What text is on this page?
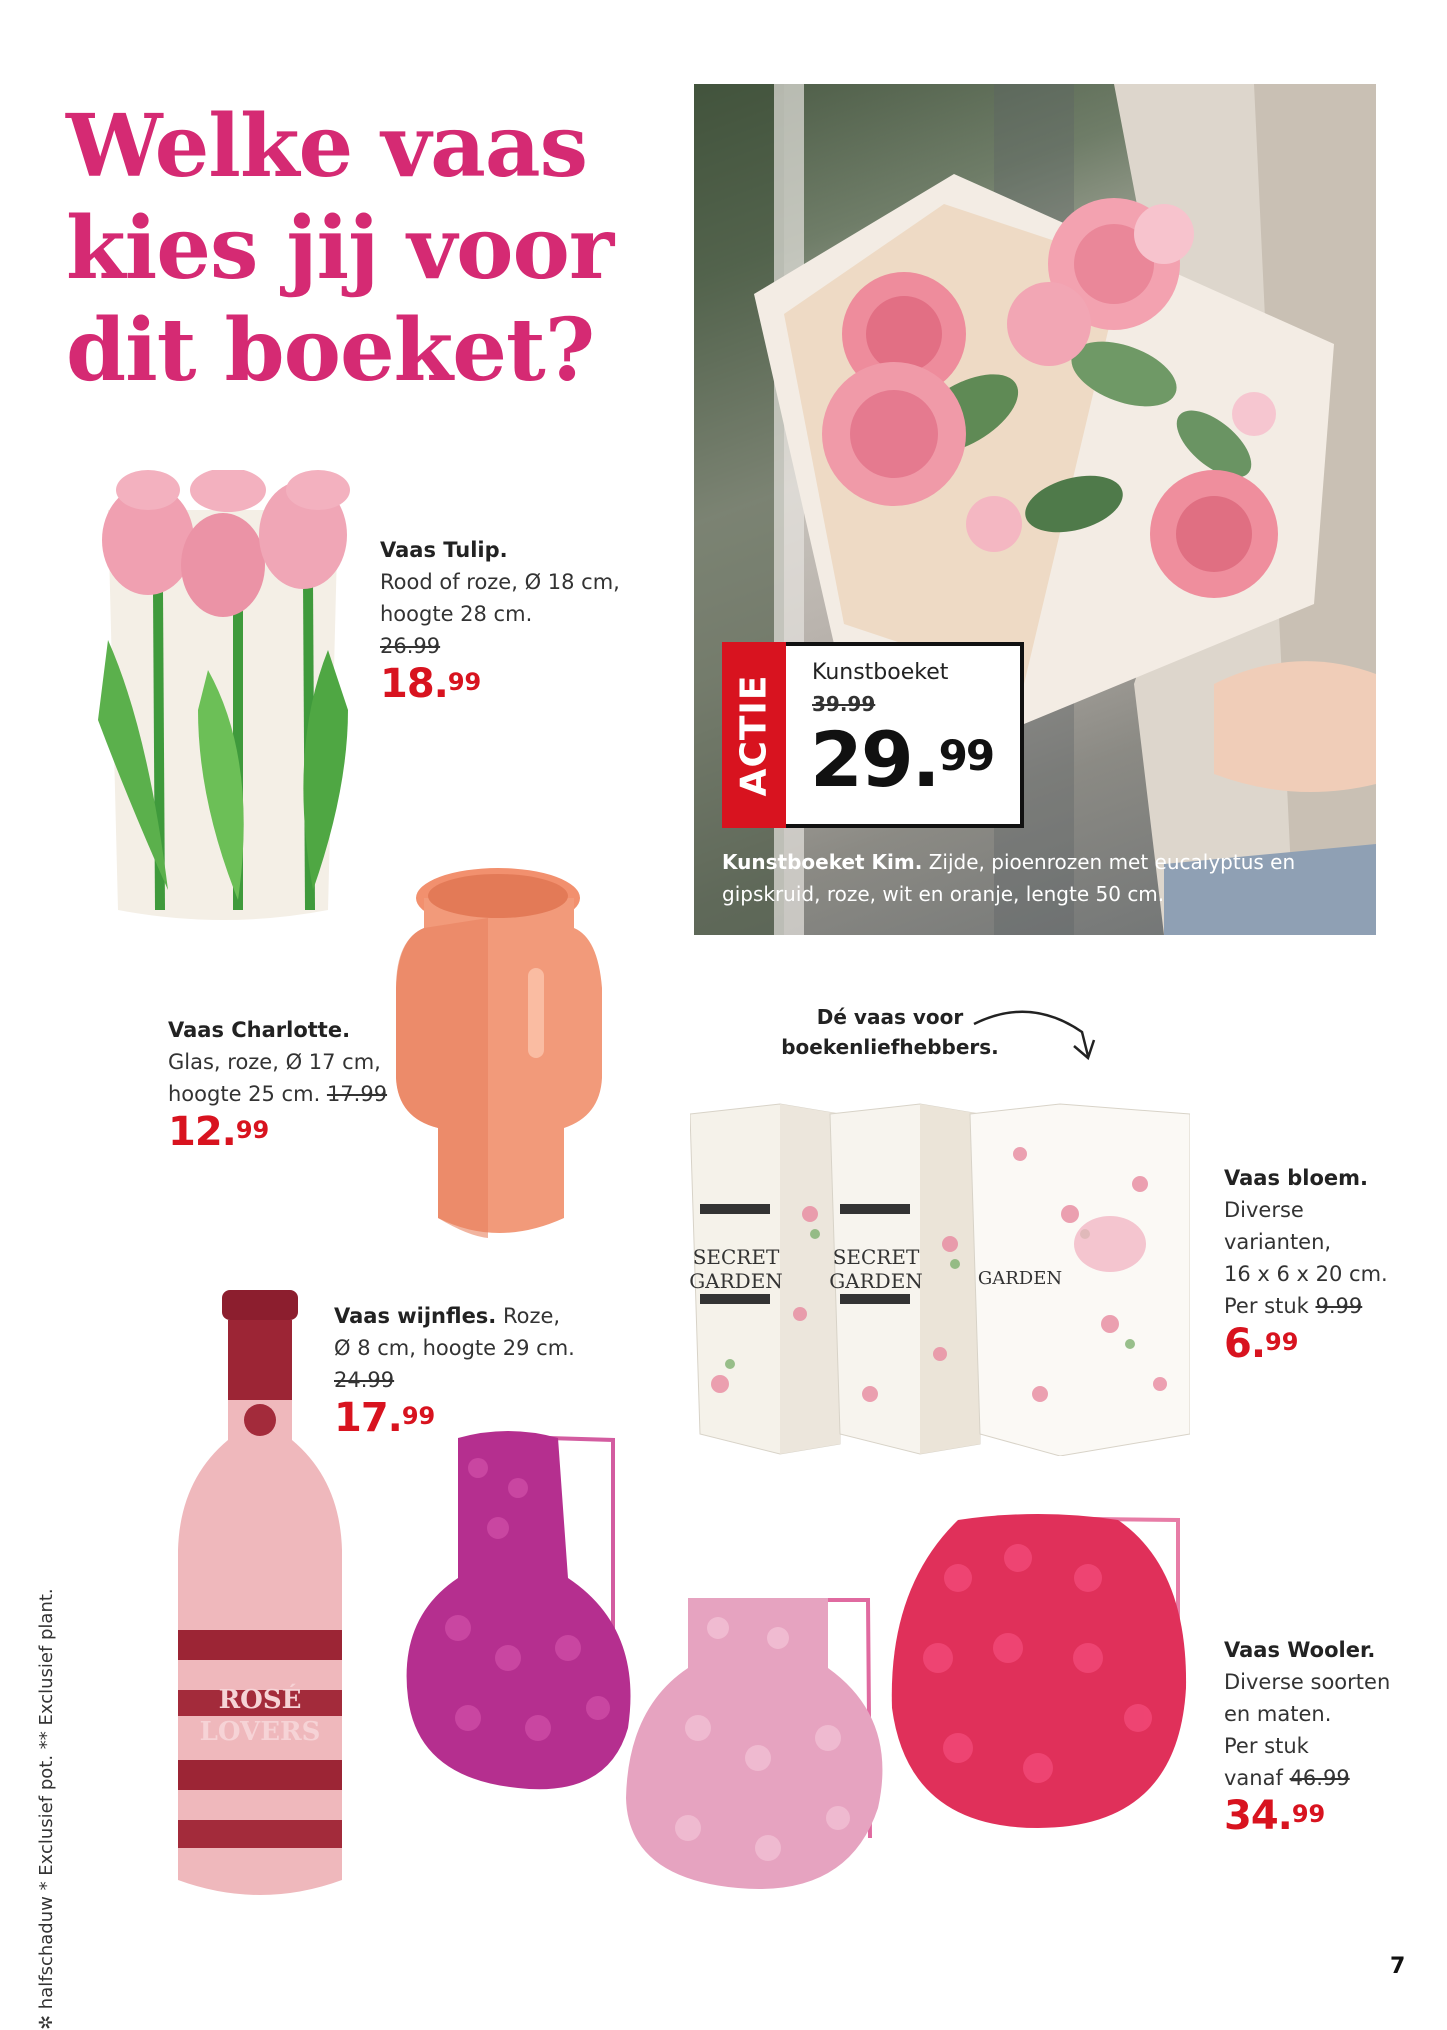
Welke vaas
kies jij voor
dit boeket?
ACTIE
Kunstboeket
39.99
29.99
Kunstboeket Kim. Zijde, pioenrozen met eucalyptus en gipskruid, roze, wit en oranje, lengte 50 cm.
Vaas Tulip.
Rood of roze, Ø 18 cm,
hoogte 28 cm.
26.99
18.99
Vaas Charlotte.
Glas, roze, Ø 17 cm,
hoogte 25 cm. 17.99
12.99
ROSÉ
LOVERS
Vaas wijnfles. Roze,
Ø 8 cm, hoogte 29 cm.
24.99
17.99
Dé vaas voor
boekenliefhebbers.
SECRET
GARDEN
SECRET
GARDEN	GARDEN
Vaas bloem.
Diverse
varianten,
16 x 6 x 20 cm.
Per stuk 9.99
6.99
Vaas Wooler.
Diverse soorten
en maten.
Per stuk
vanaf 46.99
34.99
✲ halfschaduw * Exclusief pot. ** Exclusief plant.	7
